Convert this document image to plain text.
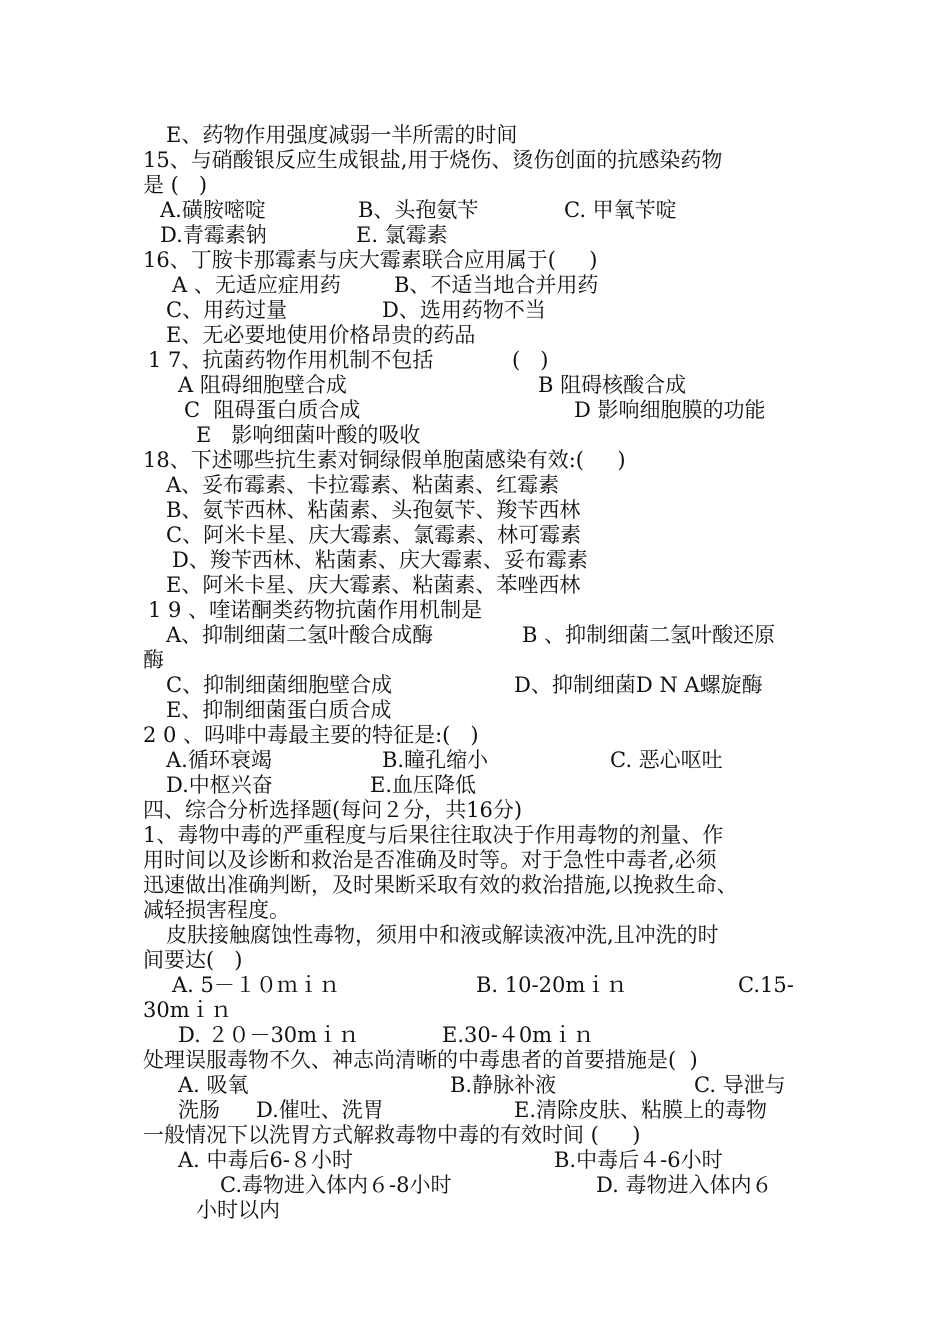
E、药物作用强度减弱一半所需的时间
15、与硝酸银反应生成银盐,用于烧伤、烫伤创面的抗感染药物
是 (   )
A.磺胺嘧啶	B、头孢氨苄	C. 甲氧苄啶
D.青霉素钠	E. 氯霉素
16、丁胺卡那霉素与庆大霉素联合应用属于(     )
A 、无适应症用药	B、不适当地合并用药
C、用药过量	D、选用药物不当
E、无必要地使用价格昂贵的药品
1 7、抗菌药物作用机制不包括	(   )
A 阻碍细胞壁合成	B 阻碍核酸合成
C  阻碍蛋白质合成	D 影响细胞膜的功能
E   影响细菌叶酸的吸收
18、下述哪些抗生素对铜绿假单胞菌感染有效:(     )
A、妥布霉素、卡拉霉素、粘菌素、红霉素
B、氨苄西林、粘菌素、头孢氨苄、羧苄西林
C、阿米卡星、庆大霉素、氯霉素、林可霉素
D、羧苄西林、粘菌素、庆大霉素、妥布霉素
E、阿米卡星、庆大霉素、粘菌素、苯唑西林
1 9 、喹诺酮类药物抗菌作用机制是
A、抑制细菌二氢叶酸合成酶	B 、抑制细菌二氢叶酸还原
酶
C、抑制细菌细胞壁合成	D、抑制细菌D N A螺旋酶
E、抑制细菌蛋白质合成
2 0 、吗啡中毒最主要的特征是:(   )
A.循环衰竭	B.瞳孔缩小	C. 恶心呕吐
D.中枢兴奋	E.血压降低
四、综合分析选择题(每问２分，共16分)
1、毒物中毒的严重程度与后果往往取决于作用毒物的剂量、作
用时间以及诊断和救治是否准确及时等。对于急性中毒者,必须
迅速做出准确判断，及时果断采取有效的救治措施,以挽救生命、
减轻损害程度。
皮肤接触腐蚀性毒物，须用中和液或解读液冲洗,且冲洗的时
间要达(   )
A. 5－１０ｍｉｎ	B. 10-20mｉｎ	C.15-
30mｉｎ
D. ２０－30mｉｎ	E.30-４0mｉｎ
处理误服毒物不久、神志尚清晰的中毒患者的首要措施是(  )
A. 吸氧	B.静脉补液	C. 导泄与
洗肠 D.催吐、洗胃	E.清除皮肤、粘膜上的毒物
一般情况下以洗胃方式解救毒物中毒的有效时间 (     )
A. 中毒后6-８小时	B.中毒后４-6小时
C.毒物进入体内６-8小时	D. 毒物进入体内６
小时以内
